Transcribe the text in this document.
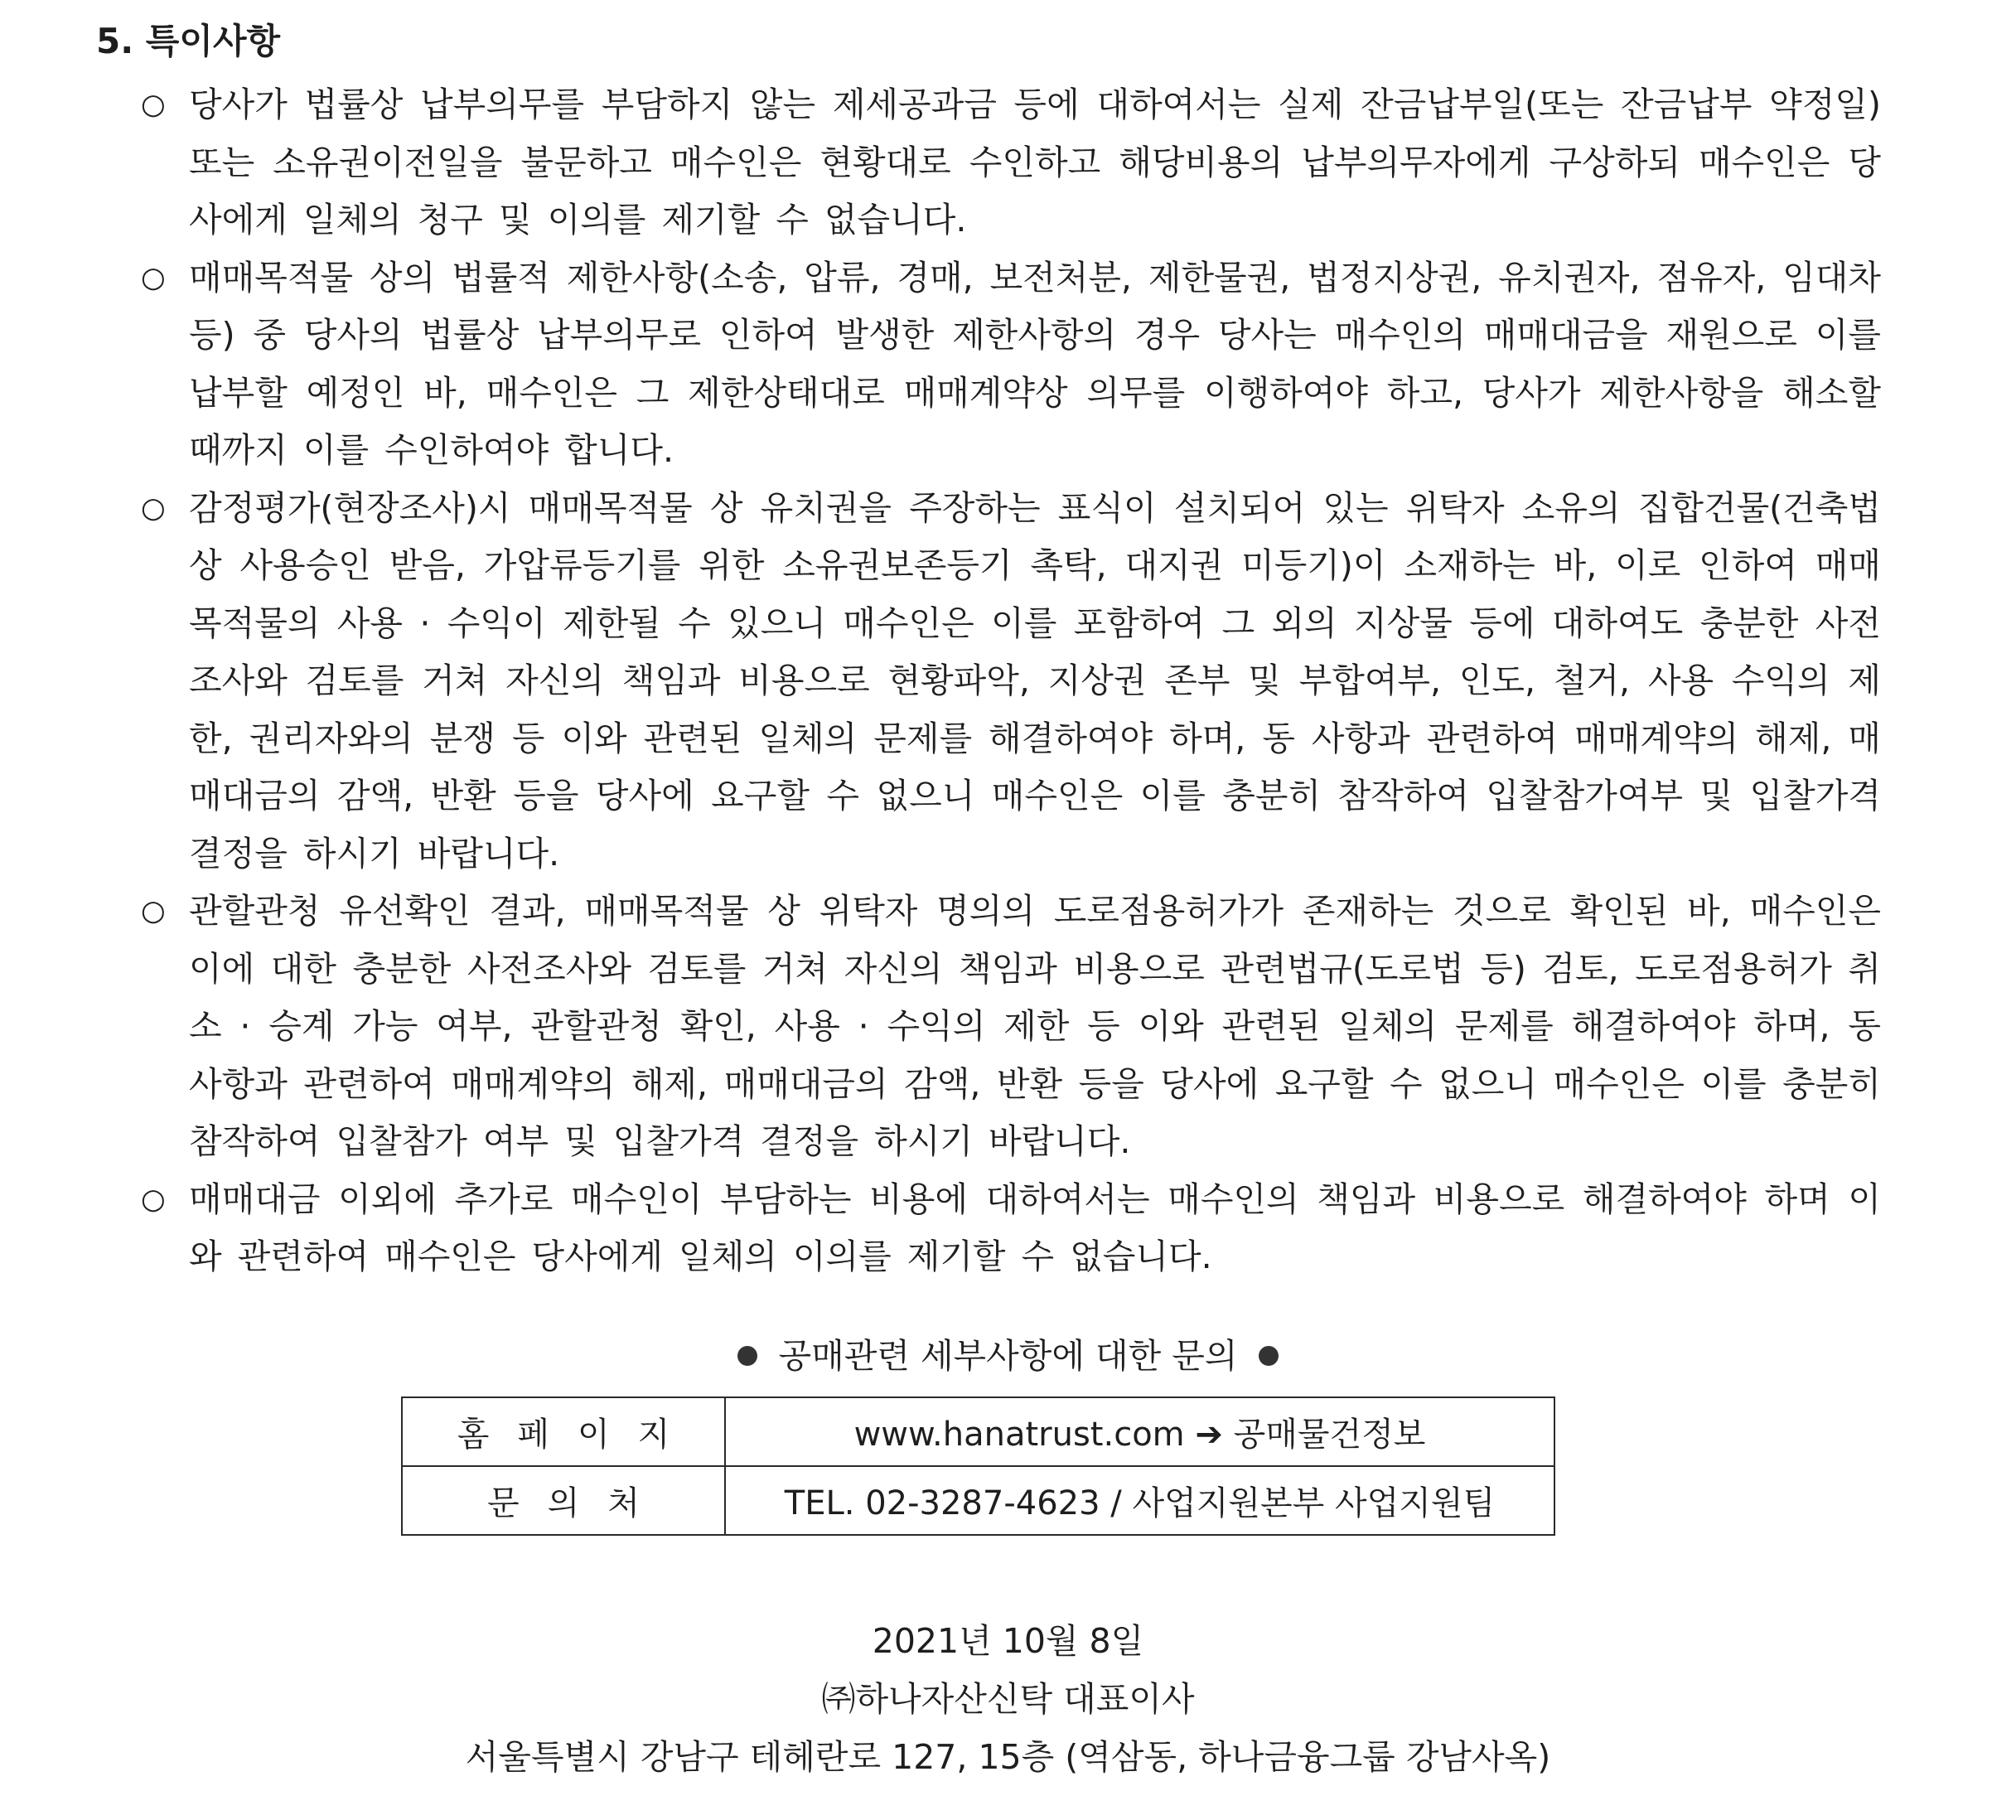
5. 특이사항
○ 당사가 법률상 납부의무를 부담하지 않는 제세공과금 등에 대하여서는 실제 잔금납부일(또는 잔금납부 약정일) 또는 소유권이전일을 불문하고 매수인은 현황대로 수인하고 해당비용의 납부의무자에게 구상하되 매수인은 당사에게 일체의 청구 및 이의를 제기할 수 없습니다.
○ 매매목적물 상의 법률적 제한사항(소송, 압류, 경매, 보전처분, 제한물권, 법정지상권, 유치권자, 점유자, 임대차 등) 중 당사의 법률상 납부의무로 인하여 발생한 제한사항의 경우 당사는 매수인의 매매대금을 재원으로 이를 납부할 예정인 바, 매수인은 그 제한상태대로 매매계약상 의무를 이행하여야 하고, 당사가 제한사항을 해소할 때까지 이를 수인하여야 합니다.
○ 감정평가(현장조사)시 매매목적물 상 유치권을 주장하는 표식이 설치되어 있는 위탁자 소유의 집합건물(건축법 상 사용승인 받음, 가압류등기를 위한 소유권보존등기 촉탁, 대지권 미등기)이 소재하는 바, 이로 인하여 매매목적물의 사용 · 수익이 제한될 수 있으니 매수인은 이를 포함하여 그 외의 지상물 등에 대하여도 충분한 사전조사와 검토를 거쳐 자신의 책임과 비용으로 현황파악, 지상권 존부 및 부합여부, 인도, 철거, 사용 수익의 제한, 권리자와의 분쟁 등 이와 관련된 일체의 문제를 해결하여야 하며, 동 사항과 관련하여 매매계약의 해제, 매매대금의 감액, 반환 등을 당사에 요구할 수 없으니 매수인은 이를 충분히 참작하여 입찰참가여부 및 입찰가격 결정을 하시기 바랍니다.
○ 관할관청 유선확인 결과, 매매목적물 상 위탁자 명의의 도로점용허가가 존재하는 것으로 확인된 바, 매수인은 이에 대한 충분한 사전조사와 검토를 거쳐 자신의 책임과 비용으로 관련법규(도로법 등) 검토, 도로점용허가 취소 · 승계 가능 여부, 관할관청 확인, 사용 · 수익의 제한 등 이와 관련된 일체의 문제를 해결하여야 하며, 동 사항과 관련하여 매매계약의 해제, 매매대금의 감액, 반환 등을 당사에 요구할 수 없으니 매수인은 이를 충분히 참작하여 입찰참가 여부 및 입찰가격 결정을 하시기 바랍니다.
○ 매매대금 이외에 추가로 매수인이 부담하는 비용에 대하여서는 매수인의 책임과 비용으로 해결하여야 하며 이와 관련하여 매수인은 당사에게 일체의 이의를 제기할 수 없습니다.
공매관련 세부사항에 대한 문의
홈페이지	www.hanatrust.com ➔ 공매물건정보
문의처	TEL. 02-3287-4623 / 사업지원본부 사업지원팀
2021년 10월 8일
㈜하나자산신탁 대표이사
서울특별시 강남구 테헤란로 127, 15층 (역삼동, 하나금융그룹 강남사옥)
